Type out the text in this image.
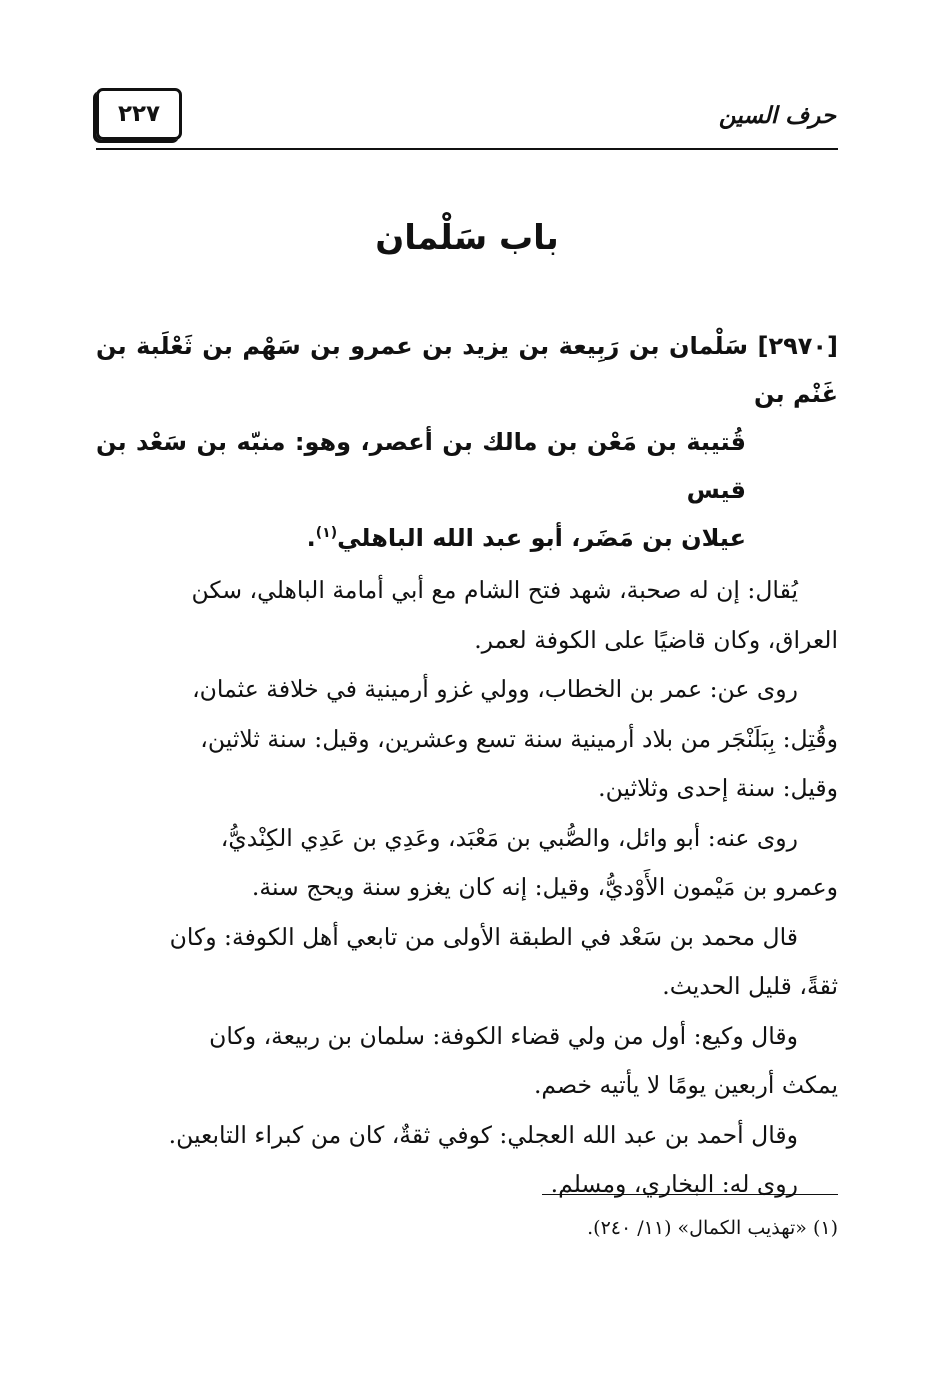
٢٢٧	حرف السين
باب سَلْمان
[٢٩٧٠] سَلْمان بن رَبِيعة بن يزيد بن عمرو بن سَهْم بن ثَعْلَبة بن غَنْم بن
قُتيبة بن مَعْن بن مالك بن أعصر، وهو: منبّه بن سَعْد بن قيس
عيلان بن مَضَر، أبو عبد الله الباهلي$^{(١)}$.

يُقال: إن له صحبة، شهد فتح الشام مع أبي أمامة الباهلي، سكن
العراق، وكان قاضيًا على الكوفة لعمر.

روى عن: عمر بن الخطاب، وولي غزو أرمينية في خلافة عثمان،
وقُتِل: بِبَلَنْجَر من بلاد أرمينية سنة تسع وعشرين، وقيل: سنة ثلاثين،
وقيل: سنة إحدى وثلاثين.

روى عنه: أبو وائل، والصُّبي بن مَعْبَد، وعَدِي بن عَدِي الكِنْديُّ،
وعمرو بن مَيْمون الأَوْديُّ، وقيل: إنه كان يغزو سنة ويحج سنة.

قال محمد بن سَعْد في الطبقة الأولى من تابعي أهل الكوفة: وكان
ثقةً، قليل الحديث.

وقال وكيع: أول من ولي قضاء الكوفة: سلمان بن ربيعة، وكان
يمكث أربعين يومًا لا يأتيه خصم.

وقال أحمد بن عبد الله العجلي: كوفي ثقةٌ، كان من كبراء التابعين.

روى له: البخاري، ومسلم.

(١) «تهذيب الكمال» (١١/ ٢٤٠).
